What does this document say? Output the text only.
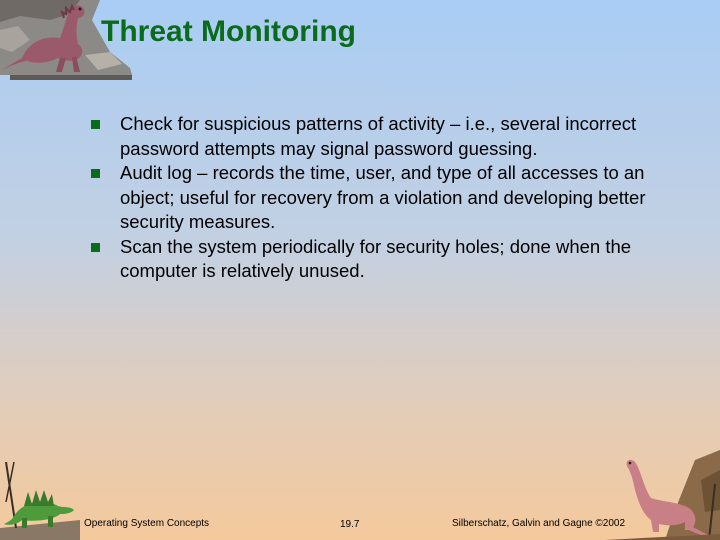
Threat Monitoring
Check for suspicious patterns of activity – i.e., several incorrect password attempts may signal password guessing.
Audit log – records the time, user, and type of all accesses to an object; useful for recovery from a violation and developing better security measures.
Scan the system periodically for security holes; done when the computer is relatively unused.
Operating System Concepts	19.7	Silberschatz, Galvin and Gagne ©2002
